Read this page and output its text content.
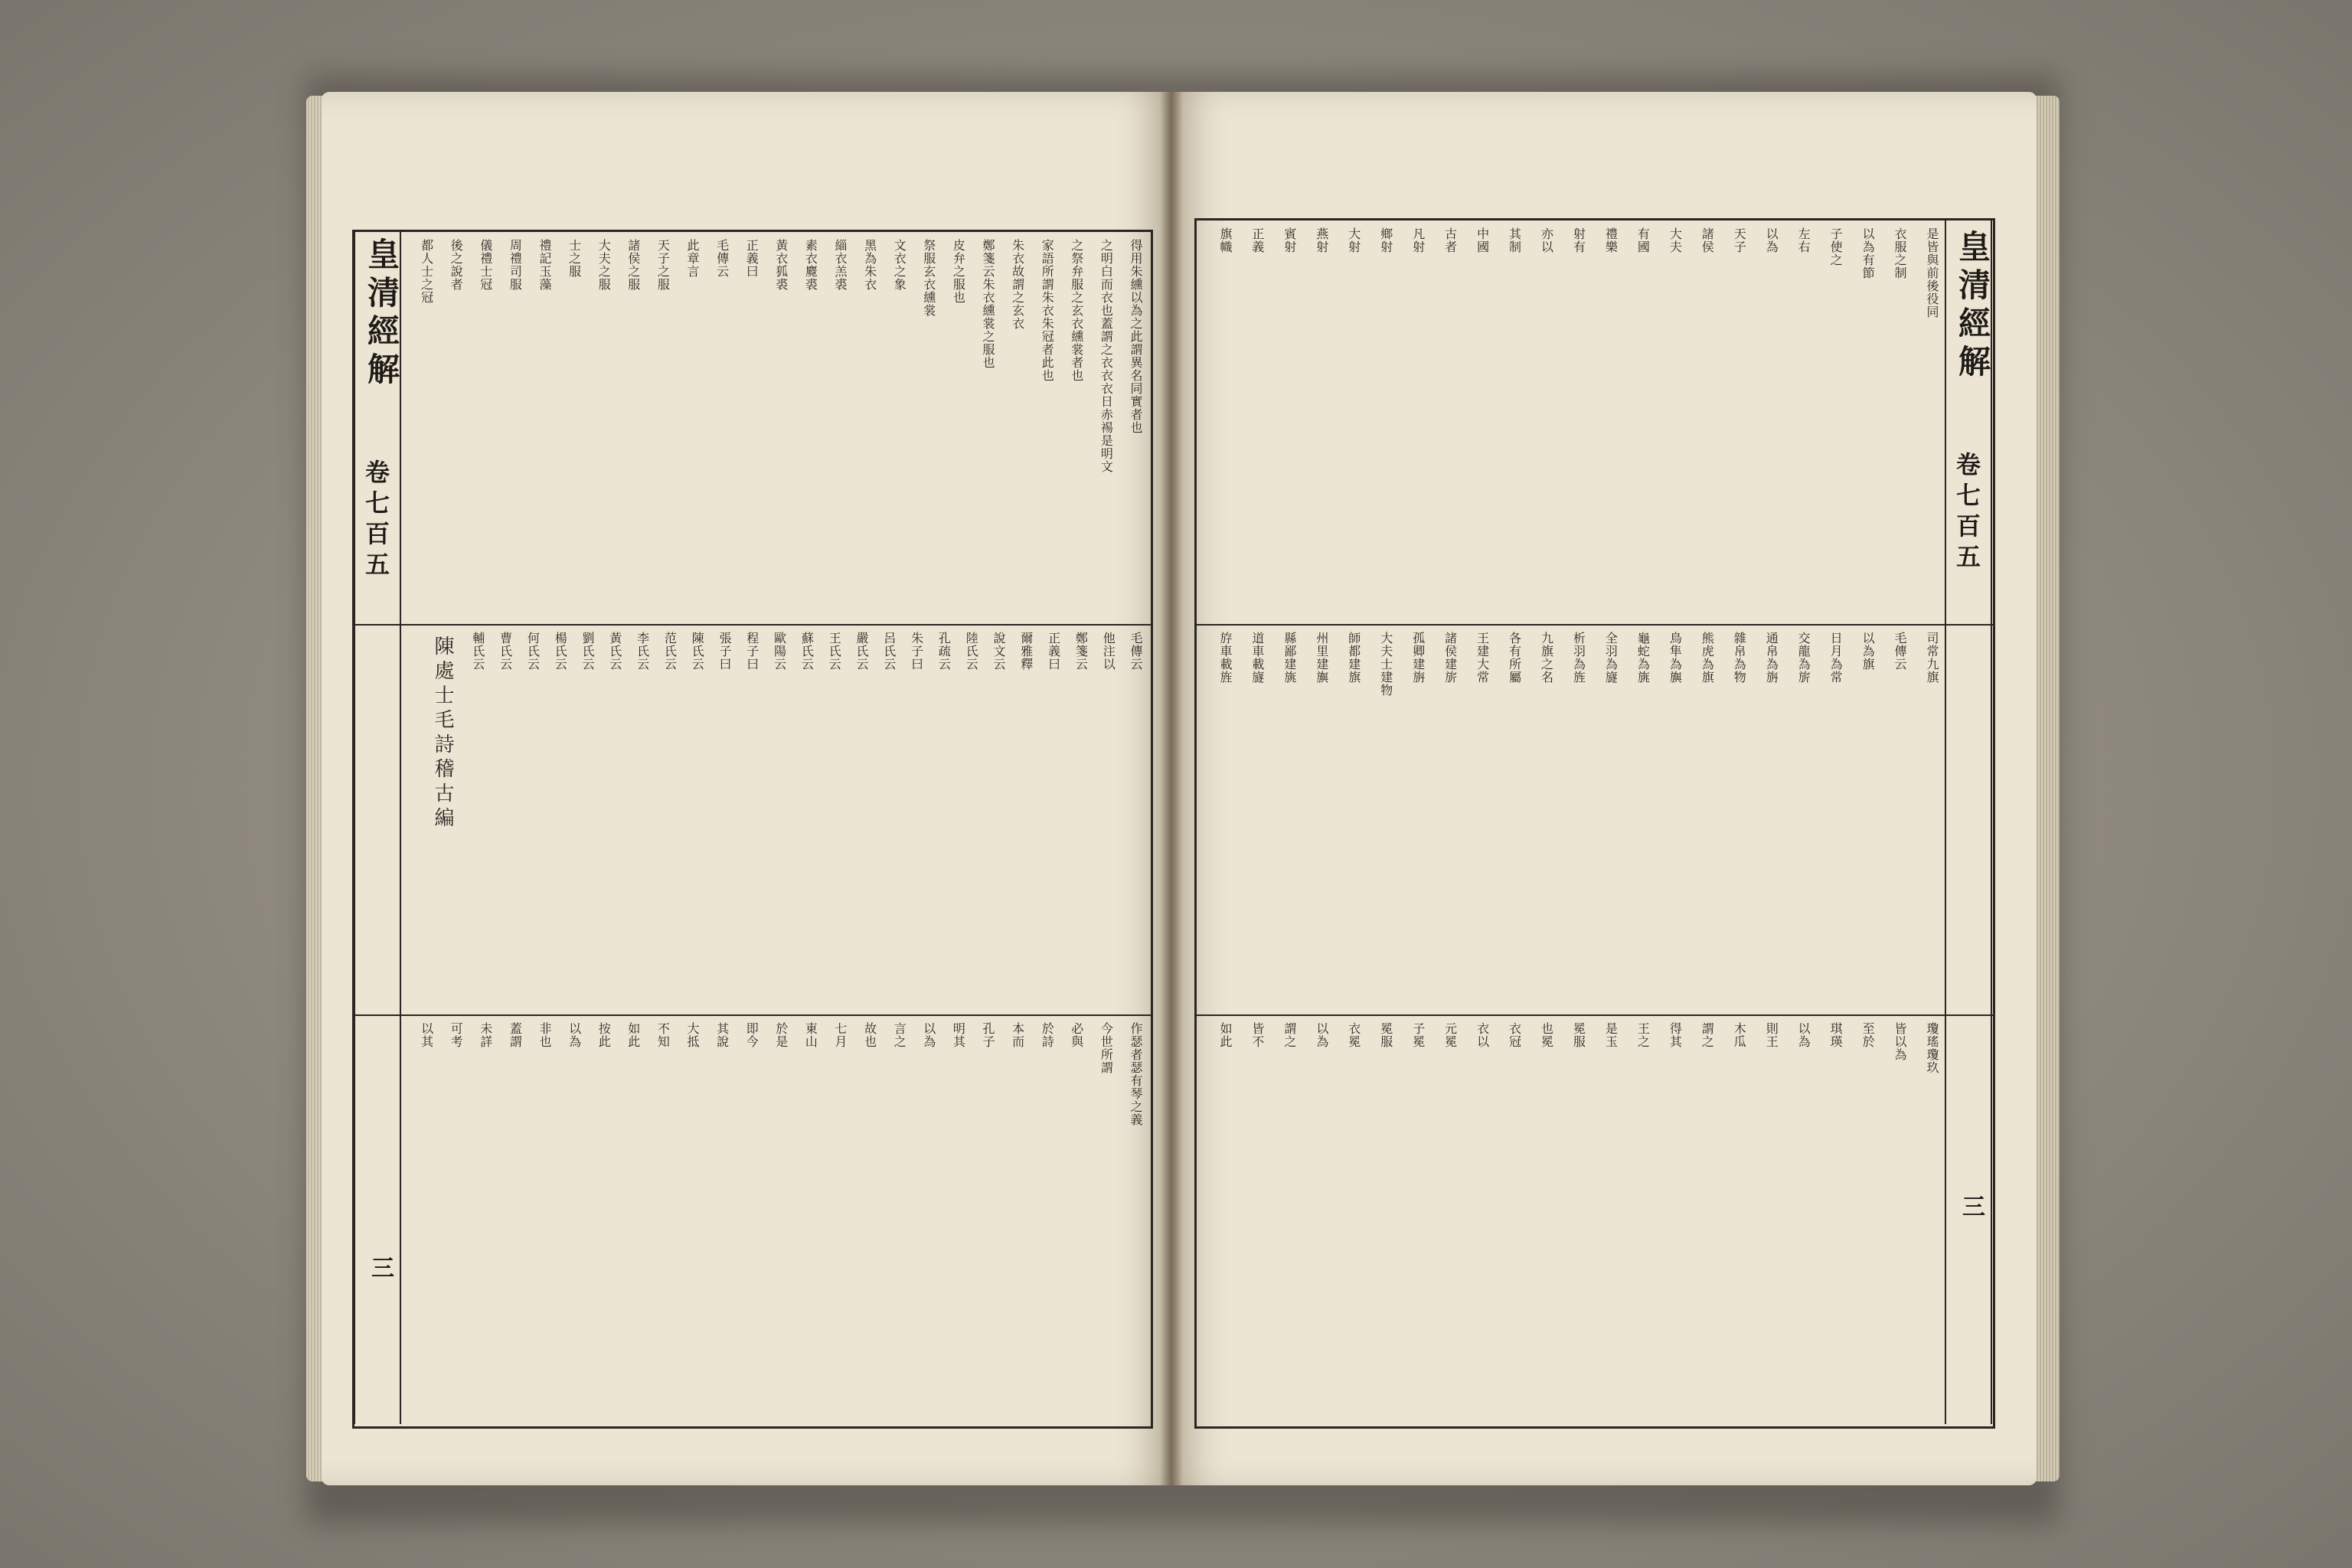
皇清經解
卷七百五
三
皇清經解
卷七百五
三
陳處士毛詩稽古編
得用朱纁以為之此謂異名同實者也
之明白而衣也蓋謂之衣衣衣日赤裼是明文
之祭弁服之玄衣纁裳者也
家語所謂朱衣朱冠者此也
朱衣故謂之玄衣
鄭箋云朱衣纁裳之服也
皮弁之服也
祭服玄衣纁裳
文衣之象
黑為朱衣
緇衣羔裘
素衣麑裘
黃衣狐裘
正義曰
毛傳云
此章言
天子之服
諸侯之服
大夫之服
士之服
禮記玉藻
周禮司服
儀禮士冠
後之說者
都人士之冠
毛傳云
他注以
鄭箋云
正義曰
爾雅釋
說文云
陸氏云
孔疏云
朱子曰
呂氏云
嚴氏云
王氏云
蘇氏云
歐陽云
程子曰
張子曰
陳氏云
范氏云
李氏云
黃氏云
劉氏云
楊氏云
何氏云
曹氏云
輔氏云
作瑟者瑟有琴之義
今世所謂
必與
於詩
本而
孔子
明其
以為
言之
故也
七月
東山
於是
即今
其說
大抵
不知
如此
按此
以為
非也
蓋謂
未詳
可考
以其
是皆與前後役同
衣服之制
以為有節
子使之
左右
以為
天子
諸侯
大夫
有國
禮樂
射有
亦以
其制
中國
古者
凡射
鄉射
大射
燕射
賓射
正義
旗幟
司常九旗
毛傳云
以為旗
日月為常
交龍為旂
通帛為旃
雜帛為物
熊虎為旗
鳥隼為旟
龜蛇為旐
全羽為旞
析羽為旌
九旗之名
各有所屬
王建大常
諸侯建旂
孤卿建旃
大夫士建物
師都建旗
州里建旟
縣鄙建旐
道車載旞
斿車載旌
瓊瑤瓊玖
皆以為
至於
琪瑛
以為
則王
木瓜
謂之
得其
王之
是玉
冕服
也冕
衣冠
衣以
元冕
子冕
冕服
衣冕
以為
謂之
皆不
如此
